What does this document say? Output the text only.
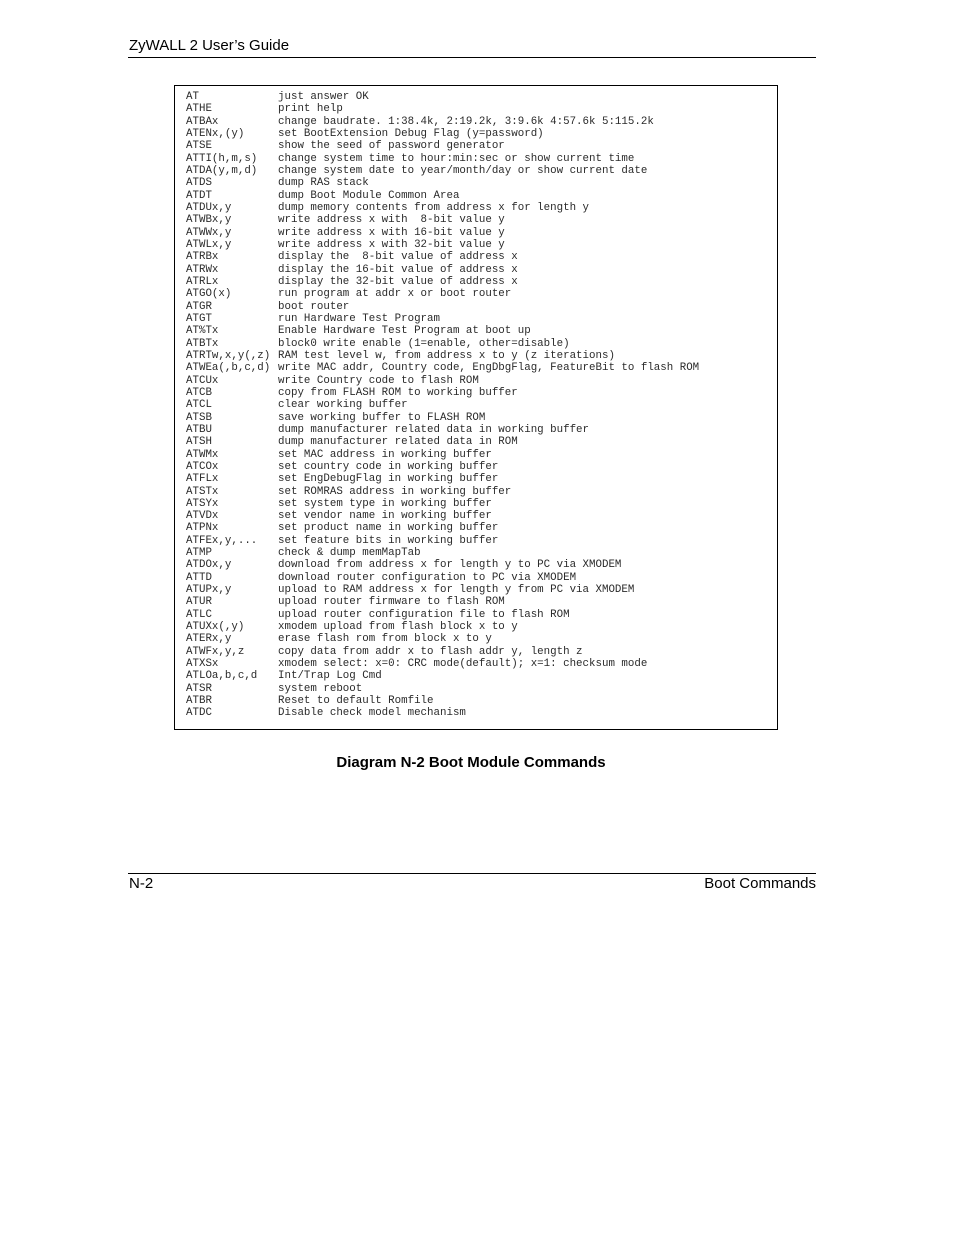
ZyWALL 2 User’s Guide
AT	just answer OK
ATHE	print help
ATBAx	change baudrate. 1:38.4k, 2:19.2k, 3:9.6k 4:57.6k 5:115.2k
ATENx,(y)	set BootExtension Debug Flag (y=password)
ATSE	show the seed of password generator
ATTI(h,m,s)	change system time to hour:min:sec or show current time
ATDA(y,m,d)	change system date to year/month/day or show current date
ATDS	dump RAS stack
ATDT	dump Boot Module Common Area
ATDUx,y	dump memory contents from address x for length y
ATWBx,y	write address x with  8-bit value y
ATWWx,y	write address x with 16-bit value y
ATWLx,y	write address x with 32-bit value y
ATRBx	display the  8-bit value of address x
ATRWx	display the 16-bit value of address x
ATRLx	display the 32-bit value of address x
ATGO(x)	run program at addr x or boot router
ATGR	boot router
ATGT	run Hardware Test Program
AT%Tx	Enable Hardware Test Program at boot up
ATBTx	block0 write enable (1=enable, other=disable)
ATRTw,x,y(,z) RAM test level w, from address x to y (z iterations)
ATWEa(,b,c,d) write MAC addr, Country code, EngDbgFlag, FeatureBit to flash ROM
ATCUx	write Country code to flash ROM
ATCB	copy from FLASH ROM to working buffer
ATCL	clear working buffer
ATSB	save working buffer to FLASH ROM
ATBU	dump manufacturer related data in working buffer
ATSH	dump manufacturer related data in ROM
ATWMx	set MAC address in working buffer
ATCOx	set country code in working buffer
ATFLx	set EngDebugFlag in working buffer
ATSTx	set ROMRAS address in working buffer
ATSYx	set system type in working buffer
ATVDx	set vendor name in working buffer
ATPNx	set product name in working buffer
ATFEx,y,...	set feature bits in working buffer
ATMP	check & dump memMapTab
ATDOx,y	download from address x for length y to PC via XMODEM
ATTD	download router configuration to PC via XMODEM
ATUPx,y	upload to RAM address x for length y from PC via XMODEM
ATUR	upload router firmware to flash ROM
ATLC	upload router configuration file to flash ROM
ATUXx(,y)	xmodem upload from flash block x to y
ATERx,y	erase flash rom from block x to y
ATWFx,y,z	copy data from addr x to flash addr y, length z
ATXSx	xmodem select: x=0: CRC mode(default); x=1: checksum mode
ATLOa,b,c,d	Int/Trap Log Cmd
ATSR	system reboot
ATBR	Reset to default Romfile
ATDC	Disable check model mechanism
Diagram N-2 Boot Module Commands
N-2	Boot Commands
